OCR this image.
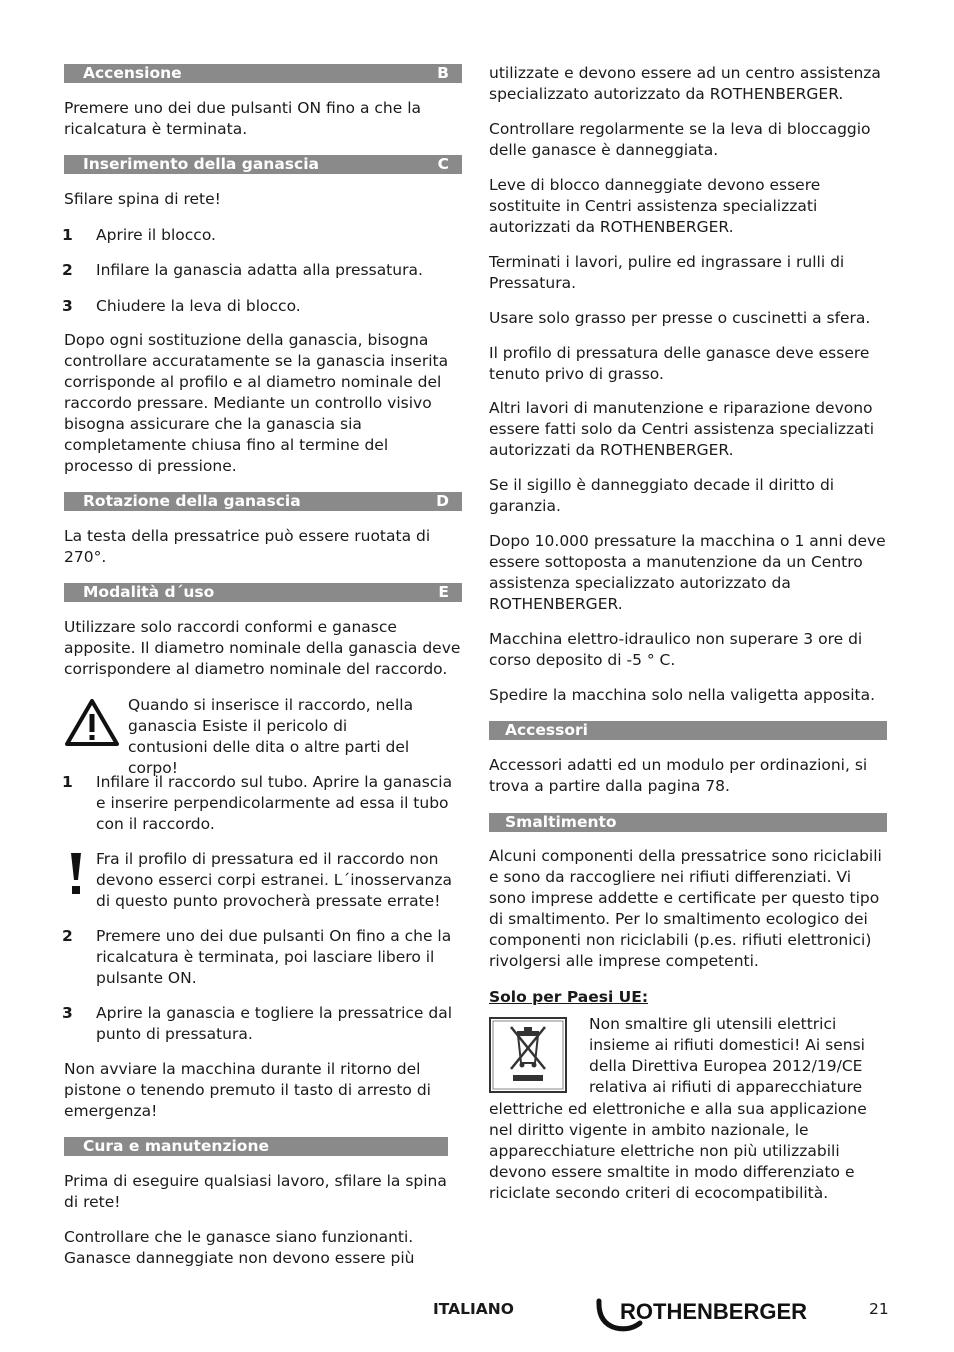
Accensione	B

Premere uno dei due pulsanti ON fino a che la ricalcatura è terminata.

Inserimento della ganascia	C

Sfilare spina di rete!

1 Aprire il blocco.

2 Infilare la ganascia adatta alla pressatura.

3 Chiudere la leva di blocco.

Dopo ogni sostituzione della ganascia, bisogna controllare accuratamente se la ganascia inserita corrisponde al profilo e al diametro nominale del raccordo pressare. Mediante un controllo visivo bisogna assicurare che la ganascia sia completamente chiusa fino al termine del processo di pressione.

Rotazione della ganascia	D

La testa della pressatrice può essere ruotata di 270°.

Modalità d´uso	E

Utilizzare solo raccordi conformi e ganasce apposite. Il diametro nominale della ganascia deve corrispondere al diametro nominale del raccordo.

Quando si inserisce il raccordo, nella ganascia Esiste il pericolo di contusioni delle dita o altre parti del corpo!

1 Infilare il raccordo sul tubo. Aprire la ganascia e inserire perpendicolarmente ad essa il tubo con il raccordo.

Fra il profilo di pressatura ed il raccordo non devono esserci corpi estranei. L´inosservanza di questo punto provocherà pressate errate!

2 Premere uno dei due pulsanti On fino a che la ricalcatura è terminata, poi lasciare libero il pulsante ON.

3 Aprire la ganascia e togliere la pressatrice dal punto di pressatura.

Non avviare la macchina durante il ritorno del pistone o tenendo premuto il tasto di arresto di emergenza!

Cura e manutenzione

Prima di eseguire qualsiasi lavoro, sfilare la spina di rete!

Controllare che le ganasce siano funzionanti. Ganasce danneggiate non devono essere più

utilizzate e devono essere ad un centro assistenza specializzato autorizzato da ROTHENBERGER.

Controllare regolarmente se la leva di bloccaggio delle ganasce è danneggiata.

Leve di blocco danneggiate devono essere sostituite in Centri assistenza specializzati autorizzati da ROTHENBERGER.

Terminati i lavori, pulire ed ingrassare i rulli di Pressatura.

Usare solo grasso per presse o cuscinetti a sfera.

Il profilo di pressatura delle ganasce deve essere tenuto privo di grasso.

Altri lavori di manutenzione e riparazione devono essere fatti solo da Centri assistenza specializzati autorizzati da ROTHENBERGER.

Se il sigillo è danneggiato decade il diritto di garanzia.

Dopo 10.000 pressature la macchina o 1 anni deve essere sottoposta a manutenzione da un Centro assistenza specializzato autorizzato da ROTHENBERGER.

Macchina elettro-idraulico non superare 3 ore di corso deposito di -5 ° C.

Spedire la macchina solo nella valigetta apposita.

Accessori

Accessori adatti ed un modulo per ordinazioni, si trova a partire dalla pagina 78.

Smaltimento

Alcuni componenti della pressatrice sono riciclabili e sono da raccogliere nei rifiuti differenziati. Vi sono imprese addette e certificate per questo tipo di smaltimento. Per lo smaltimento ecologico dei componenti non riciclabili (p.es. rifiuti elettronici) rivolgersi alle imprese competenti.

Solo per Paesi UE:

Non smaltire gli utensili elettrici insieme ai rifiuti domestici! Ai sensi della Direttiva Europea 2012/19/CE relativa ai rifiuti di apparecchiature

elettriche ed elettroniche e alla sua applicazione nel diritto vigente in ambito nazionale, le apparecchiature elettriche non più utilizzabili devono essere smaltite in modo differenziato e riciclate secondo criteri di ecocompatibilità.

ITALIANO	ROTHENBERGER	21
